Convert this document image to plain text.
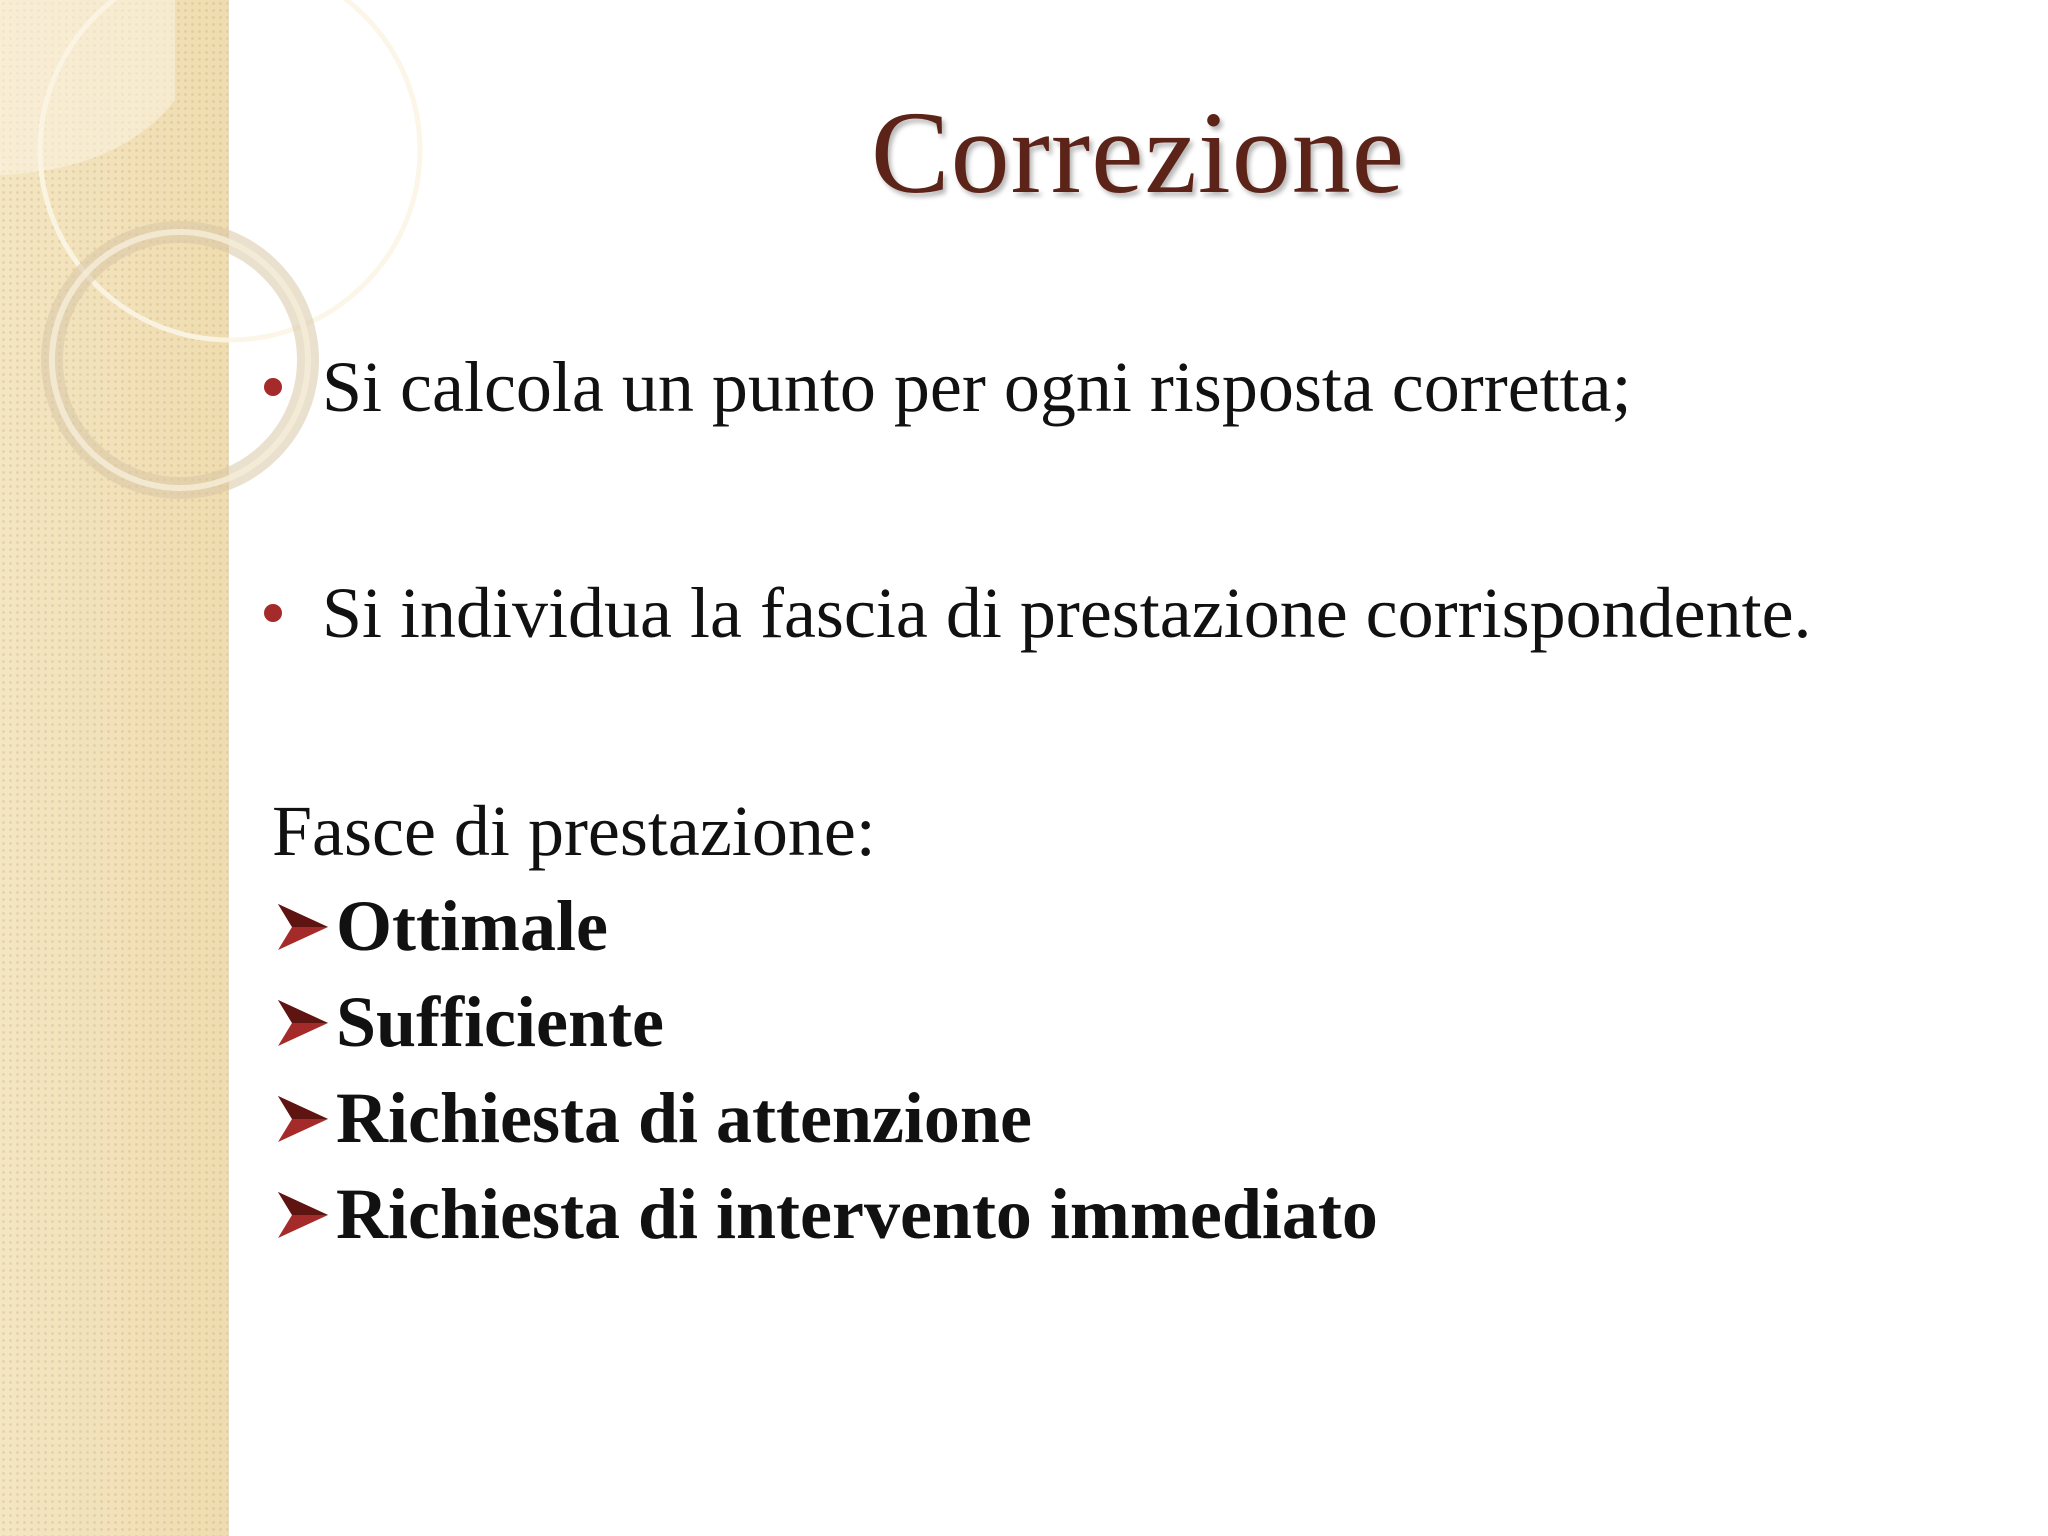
Correzione
Si calcola un punto per ogni risposta corretta;
Si individua la fascia di prestazione corrispondente.
Fasce di prestazione:
Ottimale
Sufficiente
Richiesta di attenzione
Richiesta di intervento immediato
